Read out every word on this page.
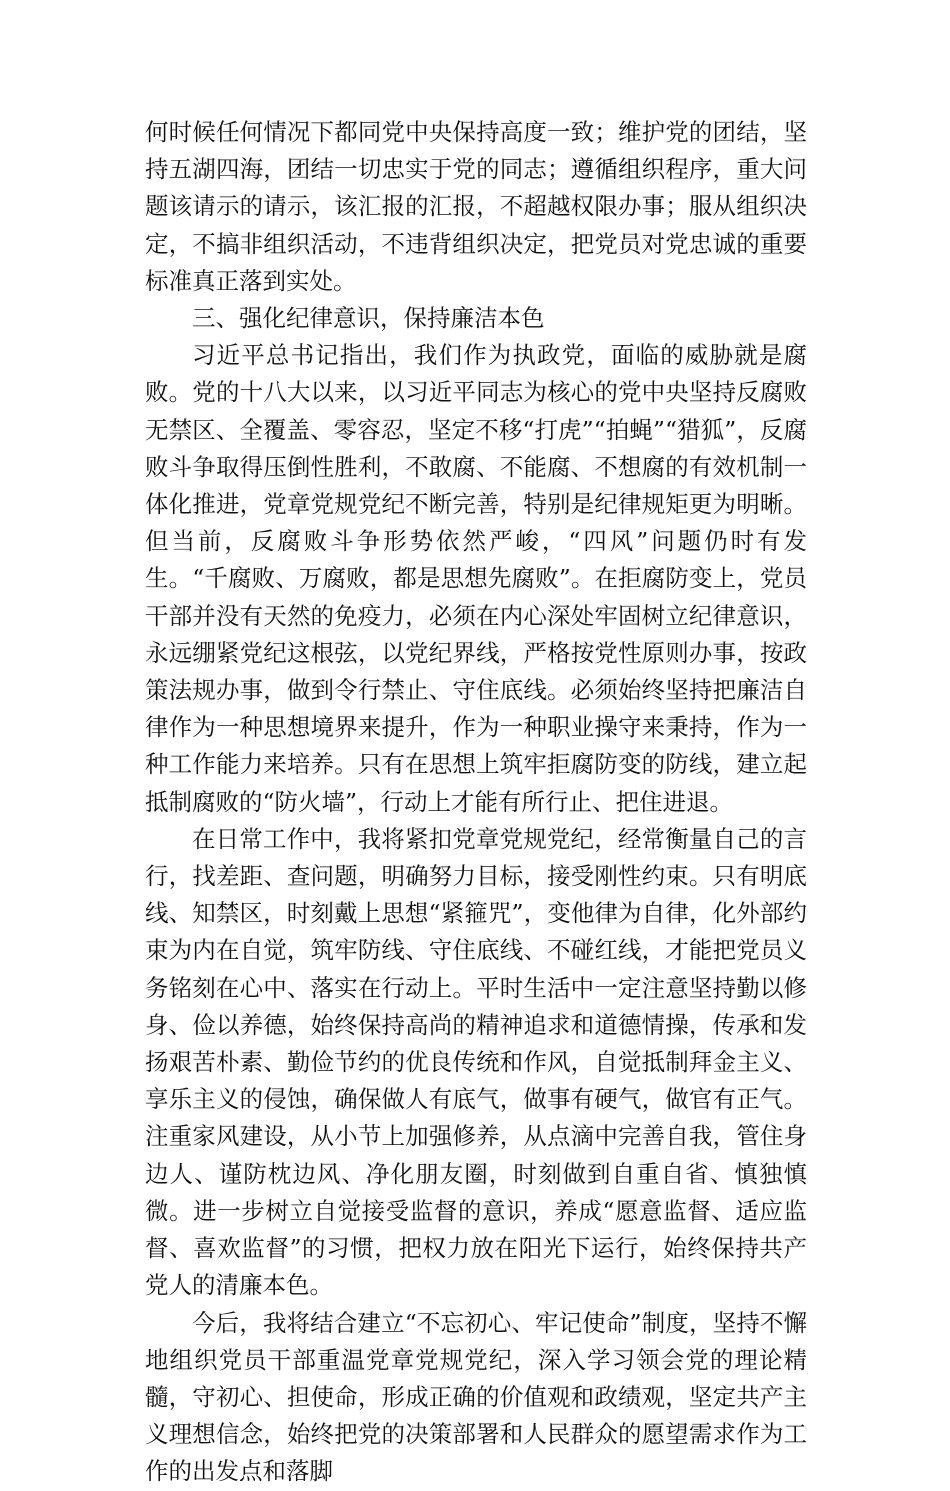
何时候任何情况下都同党中央保持高度一致；维护党的团结，坚持五湖四海，团结一切忠实于党的同志；遵循组织程序，重大问题该请示的请示，该汇报的汇报，不超越权限办事；服从组织决定，不搞非组织活动，不违背组织决定，把党员对党忠诚的重要标准真正落到实处。

三、强化纪律意识，保持廉洁本色

习近平总书记指出，我们作为执政党，面临的威胁就是腐败。党的十八大以来，以习近平同志为核心的党中央坚持反腐败无禁区、全覆盖、零容忍，坚定不移“打虎”“拍蝇”“猎狐”，反腐败斗争取得压倒性胜利，不敢腐、不能腐、不想腐的有效机制一体化推进，党章党规党纪不断完善，特别是纪律规矩更为明晰。但当前，反腐败斗争形势依然严峻，“四风”问题仍时有发生。“千腐败、万腐败，都是思想先腐败”。在拒腐防变上，党员干部并没有天然的免疫力，必须在内心深处牢固树立纪律意识，永远绷紧党纪这根弦，以党纪界线，严格按党性原则办事，按政策法规办事，做到令行禁止、守住底线。必须始终坚持把廉洁自律作为一种思想境界来提升，作为一种职业操守来秉持，作为一种工作能力来培养。只有在思想上筑牢拒腐防变的防线，建立起抵制腐败的“防火墙”，行动上才能有所行止、把住进退。

在日常工作中，我将紧扣党章党规党纪，经常衡量自己的言行，找差距、查问题，明确努力目标，接受刚性约束。只有明底线、知禁区，时刻戴上思想“紧箍咒”，变他律为自律，化外部约束为内在自觉，筑牢防线、守住底线、不碰红线，才能把党员义务铭刻在心中、落实在行动上。平时生活中一定注意坚持勤以修身、俭以养德，始终保持高尚的精神追求和道德情操，传承和发扬艰苦朴素、勤俭节约的优良传统和作风，自觉抵制拜金主义、享乐主义的侵蚀，确保做人有底气，做事有硬气，做官有正气。注重家风建设，从小节上加强修养，从点滴中完善自我，管住身边人、谨防枕边风、净化朋友圈，时刻做到自重自省、慎独慎微。进一步树立自觉接受监督的意识，养成“愿意监督、适应监督、喜欢监督”的习惯，把权力放在阳光下运行，始终保持共产党人的清廉本色。

今后，我将结合建立“不忘初心、牢记使命”制度，坚持不懈地组织党员干部重温党章党规党纪，深入学习领会党的理论精髓，守初心、担使命，形成正确的价值观和政绩观，坚定共产主义理想信念，始终把党的决策部署和人民群众的愿望需求作为工作的出发点和落脚
